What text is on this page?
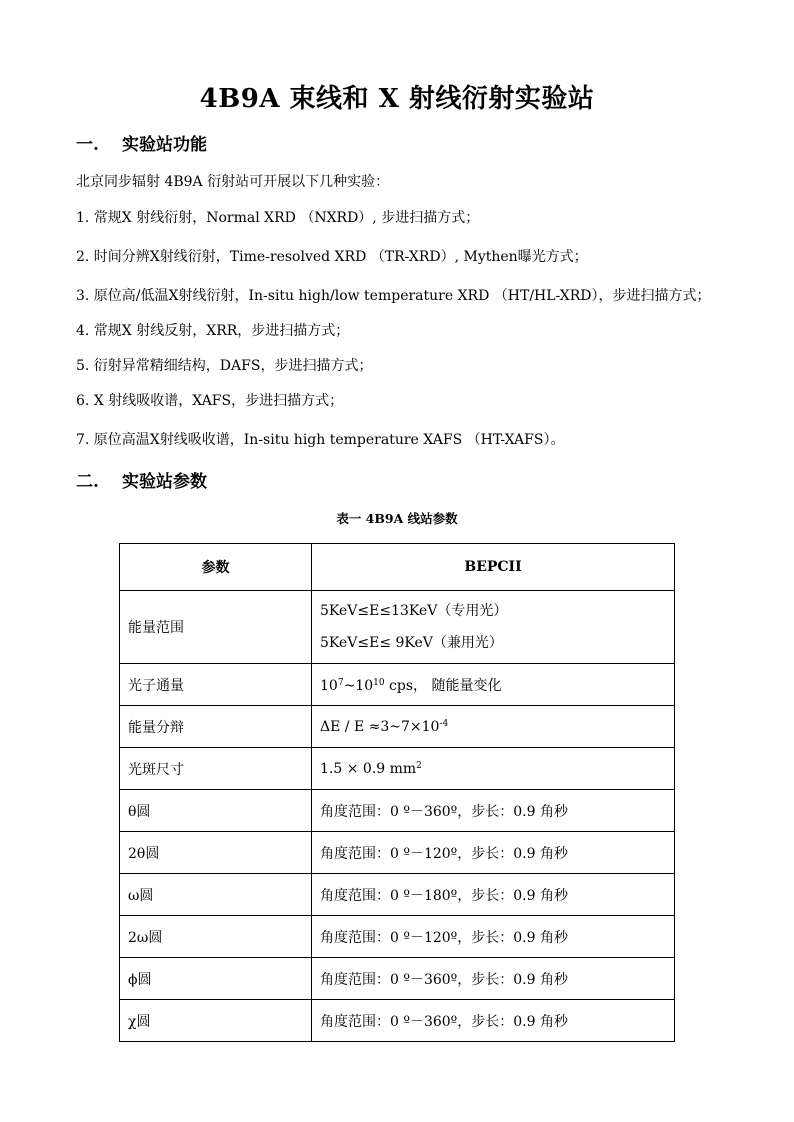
4B9A 束线和 X 射线衍射实验站
一. 实验站功能
北京同步辐射 4B9A 衍射站可开展以下几种实验：
1. 常规X 射线衍射，Normal XRD （NXRD）, 步进扫描方式；
2. 时间分辨X射线衍射，Time-resolved XRD （TR-XRD）, Mythen曝光方式；
3. 原位高/低温X射线衍射，In-situ high/low temperature XRD （HT/HL-XRD），步进扫描方式；
4. 常规X 射线反射，XRR，步进扫描方式；
5. 衍射异常精细结构，DAFS，步进扫描方式；
6. X 射线吸收谱，XAFS，步进扫描方式；
7. 原位高温X射线吸收谱，In-situ high temperature XAFS （HT-XAFS）。
二. 实验站参数
表一 4B9A 线站参数
参数	BEPCII
能量范围	5KeV≤E≤13KeV（专用光）
5KeV≤E≤ 9KeV（兼用光）

光子通量	$10^7\sim 10^{10}$ cps， 随能量变化
能量分辩	$\Delta E / E \approx 3\sim 7\times 10^{-4}$
光斑尺寸	1.5 × 0.9 $mm^2$
θ圆	角度范围：0 º－360º，步长：0.9 角秒
2θ圆	角度范围：0 º－120º，步长：0.9 角秒
ω圆	角度范围：0 º－180º，步长：0.9 角秒
2ω圆	角度范围：0 º－120º，步长：0.9 角秒
ϕ圆	角度范围：0 º－360º，步长：0.9 角秒
χ圆	角度范围：0 º－360º，步长：0.9 角秒
